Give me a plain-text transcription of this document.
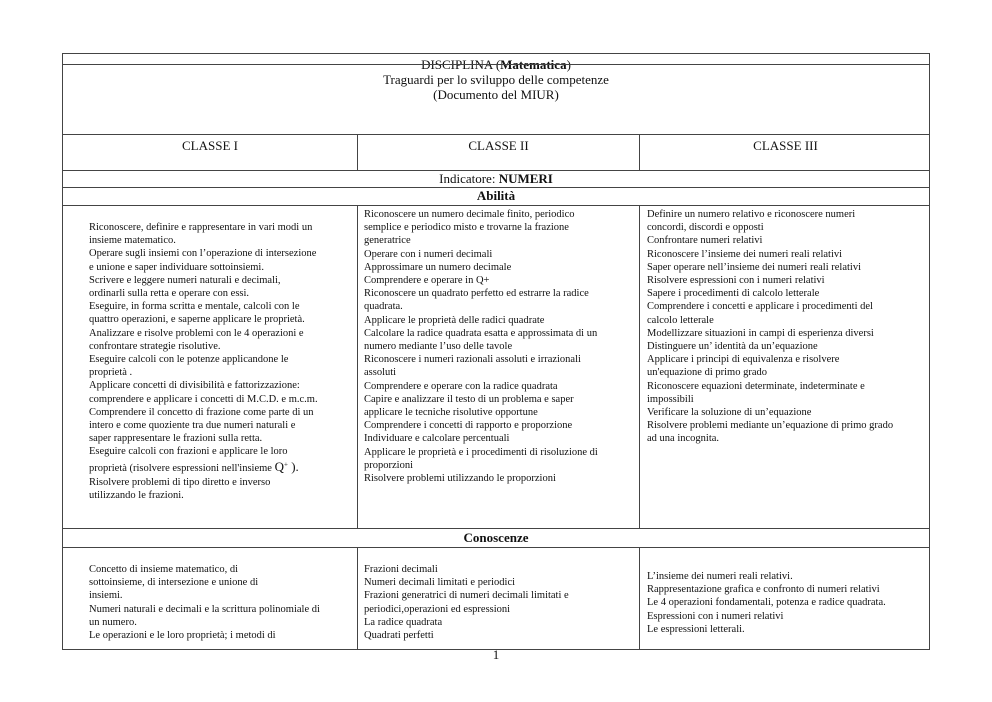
DISCIPLINA (Matematica)
Traguardi per lo sviluppo delle competenze
(Documento del MIUR)
CLASSE I	CLASSE II	CLASSE III
Indicatore: NUMERI
Abilità
Riconoscere, definire e rappresentare in vari modi un
insieme matematico.
Operare sugli insiemi con l’operazione di intersezione
e unione e saper individuare sottoinsiemi.
Scrivere e leggere numeri naturali e decimali,
ordinarli sulla retta e operare con essi.
Eseguire, in forma scritta e mentale, calcoli con le
quattro operazioni, e saperne applicare le proprietà.
Analizzare e risolve problemi con le 4 operazioni e
confrontare strategie risolutive.
Eseguire calcoli con le potenze applicandone le
proprietà .
Applicare concetti di divisibilità e fattorizzazione:
comprendere e applicare i concetti di M.C.D. e m.c.m.
Comprendere il concetto di frazione come parte di un
intero e come quoziente tra due numeri naturali e
saper rappresentare le frazioni sulla retta.
Eseguire calcoli con frazioni e applicare le loro
proprietà (risolvere espressioni nell'insieme Q+ ).
Risolvere problemi di tipo diretto e inverso
utilizzando le frazioni.
Riconoscere un numero decimale finito, periodico
semplice e periodico misto e trovarne la frazione
generatrice
Operare con i numeri decimali
Approssimare un numero decimale
Comprendere e operare in Q+
Riconoscere un quadrato perfetto ed estrarre la radice
quadrata.
Applicare le proprietà delle radici quadrate
Calcolare la radice quadrata esatta e approssimata di un
numero mediante l’uso delle tavole
Riconoscere i numeri razionali assoluti e irrazionali
assoluti
Comprendere e operare con la radice quadrata
Capire e analizzare il testo di un problema e saper
applicare le tecniche risolutive opportune
Comprendere i concetti di rapporto e proporzione
Individuare e calcolare percentuali
Applicare le proprietà e i procedimenti di risoluzione di
proporzioni
Risolvere problemi utilizzando le proporzioni
Definire un numero relativo e riconoscere numeri
concordi, discordi e opposti
Confrontare numeri relativi
Riconoscere l’insieme dei numeri reali relativi
Saper operare nell’insieme dei numeri reali relativi
Risolvere espressioni con i numeri relativi
Sapere i procedimenti di calcolo letterale
Comprendere i concetti e applicare i procedimenti del
calcolo letterale
Modellizzare situazioni in campi di esperienza diversi
Distinguere un’ identità da un’equazione
Applicare i principi di equivalenza e risolvere
un'equazione di primo grado
Riconoscere equazioni determinate, indeterminate e
impossibili
Verificare la soluzione di un’equazione
Risolvere problemi mediante un’equazione di primo grado
ad una incognita.
Conoscenze
Concetto di insieme matematico, di
sottoinsieme, di intersezione e unione di
insiemi.
Numeri naturali e decimali e la scrittura polinomiale di
un numero.
Le operazioni e le loro proprietà; i metodi di
Frazioni decimali
Numeri decimali limitati e periodici
Frazioni generatrici di numeri decimali limitati e
periodici,operazioni ed espressioni
La radice quadrata
Quadrati perfetti
L’insieme dei numeri reali relativi.
Rappresentazione grafica e confronto di numeri relativi
Le 4 operazioni fondamentali, potenza e radice quadrata.
Espressioni con i numeri relativi
Le espressioni letterali.
1
